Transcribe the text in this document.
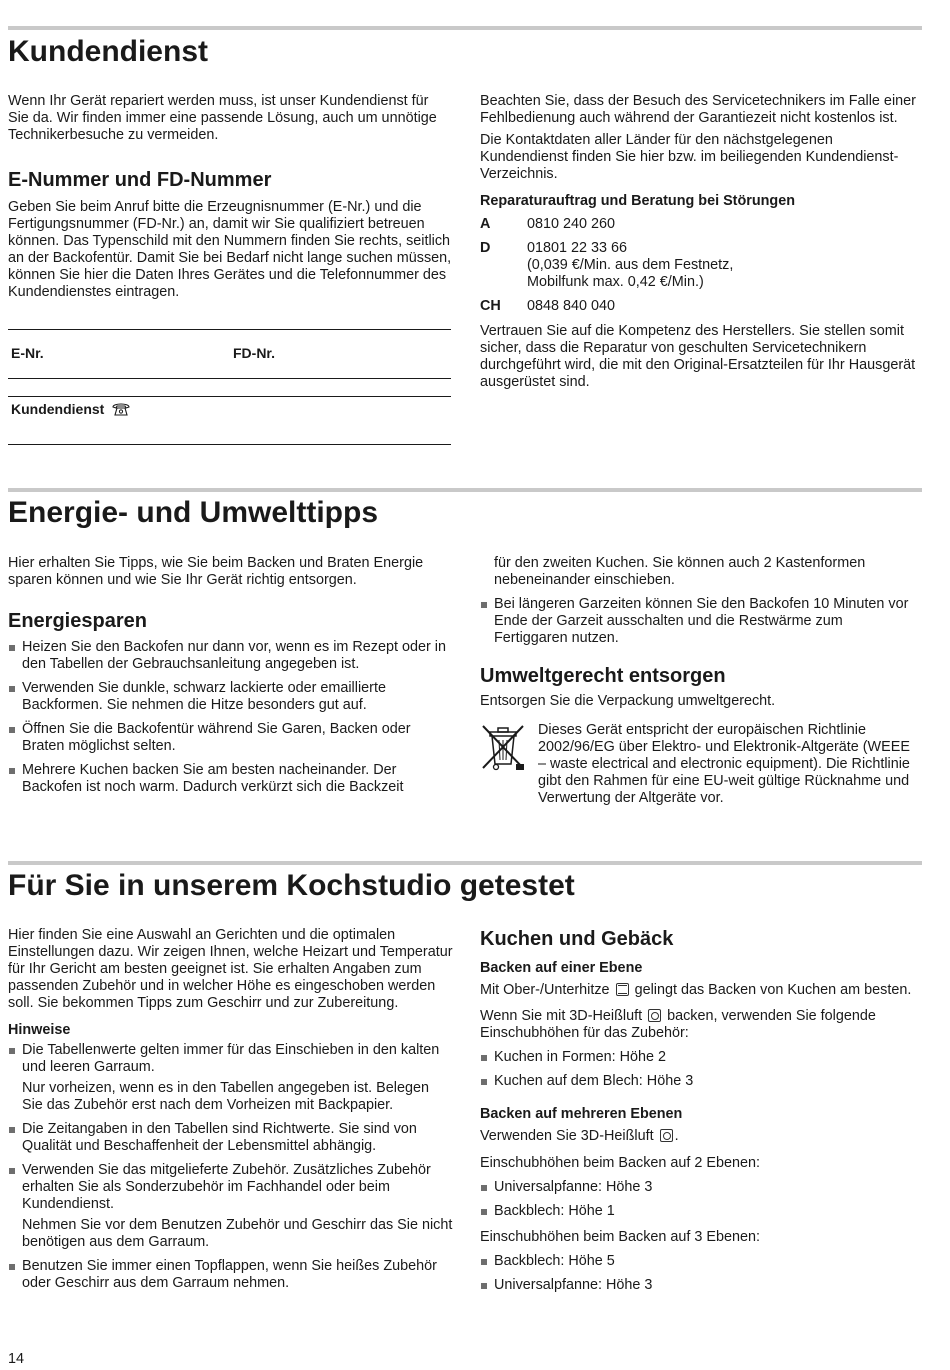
Kundendienst

Wenn Ihr Gerät repariert werden muss, ist unser Kundendienst für Sie da. Wir finden immer eine passende Lösung, auch um unnötige Technikerbesuche zu vermeiden.

E-Nummer und FD-Nummer

Geben Sie beim Anruf bitte die Erzeugnisnummer (E-Nr.) und die Fertigungsnummer (FD-Nr.) an, damit wir Sie qualifiziert betreuen können. Das Typenschild mit den Nummern finden Sie rechts, seitlich an der Backofentür. Damit Sie bei Bedarf nicht lange suchen müssen, können Sie hier die Daten Ihres Gerätes und die Telefonnummer des Kundendienstes eintragen.

E-Nr.	FD-Nr.
Kundendienst

Beachten Sie, dass der Besuch des Servicetechnikers im Falle einer Fehlbedienung auch während der Garantiezeit nicht kostenlos ist.

Die Kontaktdaten aller Länder für den nächstgelegenen Kundendienst finden Sie hier bzw. im beiliegenden Kundendienst-Verzeichnis.

Reparaturauftrag und Beratung bei Störungen

A	0810 240 260
D	01801 22 33 66
(0,039 €/Min. aus dem Festnetz,
Mobilfunk max. 0,42 €/Min.)
CH	0848 840 040

Vertrauen Sie auf die Kompetenz des Herstellers. Sie stellen somit sicher, dass die Reparatur von geschulten Servicetechnikern durchgeführt wird, die mit den Original-Ersatzteilen für Ihr Hausgerät ausgerüstet sind.

Energie- und Umwelttipps

Hier erhalten Sie Tipps, wie Sie beim Backen und Braten Energie sparen können und wie Sie Ihr Gerät richtig entsorgen.

Energiesparen
Heizen Sie den Backofen nur dann vor, wenn es im Rezept oder in den Tabellen der Gebrauchsanleitung angegeben ist.
Verwenden Sie dunkle, schwarz lackierte oder emaillierte Backformen. Sie nehmen die Hitze besonders gut auf.
Öffnen Sie die Backofentür während Sie Garen, Backen oder Braten möglichst selten.
Mehrere Kuchen backen Sie am besten nacheinander. Der Backofen ist noch warm. Dadurch verkürzt sich die Backzeit

für den zweiten Kuchen. Sie können auch 2 Kastenformen nebeneinander einschieben.

Bei längeren Garzeiten können Sie den Backofen 10 Minuten vor Ende der Garzeit ausschalten und die Restwärme zum Fertiggaren nutzen.
Umweltgerecht entsorgen

Entsorgen Sie die Verpackung umweltgerecht.

Dieses Gerät entspricht der europäischen Richtlinie 2002/96/EG über Elektro- und Elektronik-Altgeräte (WEEE – waste electrical and electronic equipment). Die Richtlinie gibt den Rahmen für eine EU-weit gültige Rücknahme und Verwertung der Altgeräte vor.

Für Sie in unserem Kochstudio getestet

Hier finden Sie eine Auswahl an Gerichten und die optimalen Einstellungen dazu. Wir zeigen Ihnen, welche Heizart und Temperatur für Ihr Gericht am besten geeignet ist. Sie erhalten Angaben zum passenden Zubehör und in welcher Höhe es eingeschoben werden soll. Sie bekommen Tipps zum Geschirr und zur Zubereitung.

Hinweise

Die Tabellenwerte gelten immer für das Einschieben in den kalten und leeren Garraum.
Nur vorheizen, wenn es in den Tabellen angegeben ist. Belegen Sie das Zubehör erst nach dem Vorheizen mit Backpapier.
Die Zeitangaben in den Tabellen sind Richtwerte. Sie sind von Qualität und Beschaffenheit der Lebensmittel abhängig.
Verwenden Sie das mitgelieferte Zubehör. Zusätzliches Zubehör erhalten Sie als Sonderzubehör im Fachhandel oder beim Kundendienst.
Nehmen Sie vor dem Benutzen Zubehör und Geschirr das Sie nicht benötigen aus dem Garraum.
Benutzen Sie immer einen Topflappen, wenn Sie heißes Zubehör oder Geschirr aus dem Garraum nehmen.
Kuchen und Gebäck

Backen auf einer Ebene

Mit Ober-/Unterhitze gelingt das Backen von Kuchen am besten.

Wenn Sie mit 3D-Heißluft backen, verwenden Sie folgende Einschubhöhen für das Zubehör:

Kuchen in Formen: Höhe 2
Kuchen auf dem Blech: Höhe 3

Backen auf mehreren Ebenen

Verwenden Sie 3D-Heißluft .

Einschubhöhen beim Backen auf 2 Ebenen:

Universalpfanne: Höhe 3
Backblech: Höhe 1

Einschubhöhen beim Backen auf 3 Ebenen:

Backblech: Höhe 5
Universalpfanne: Höhe 3
14
